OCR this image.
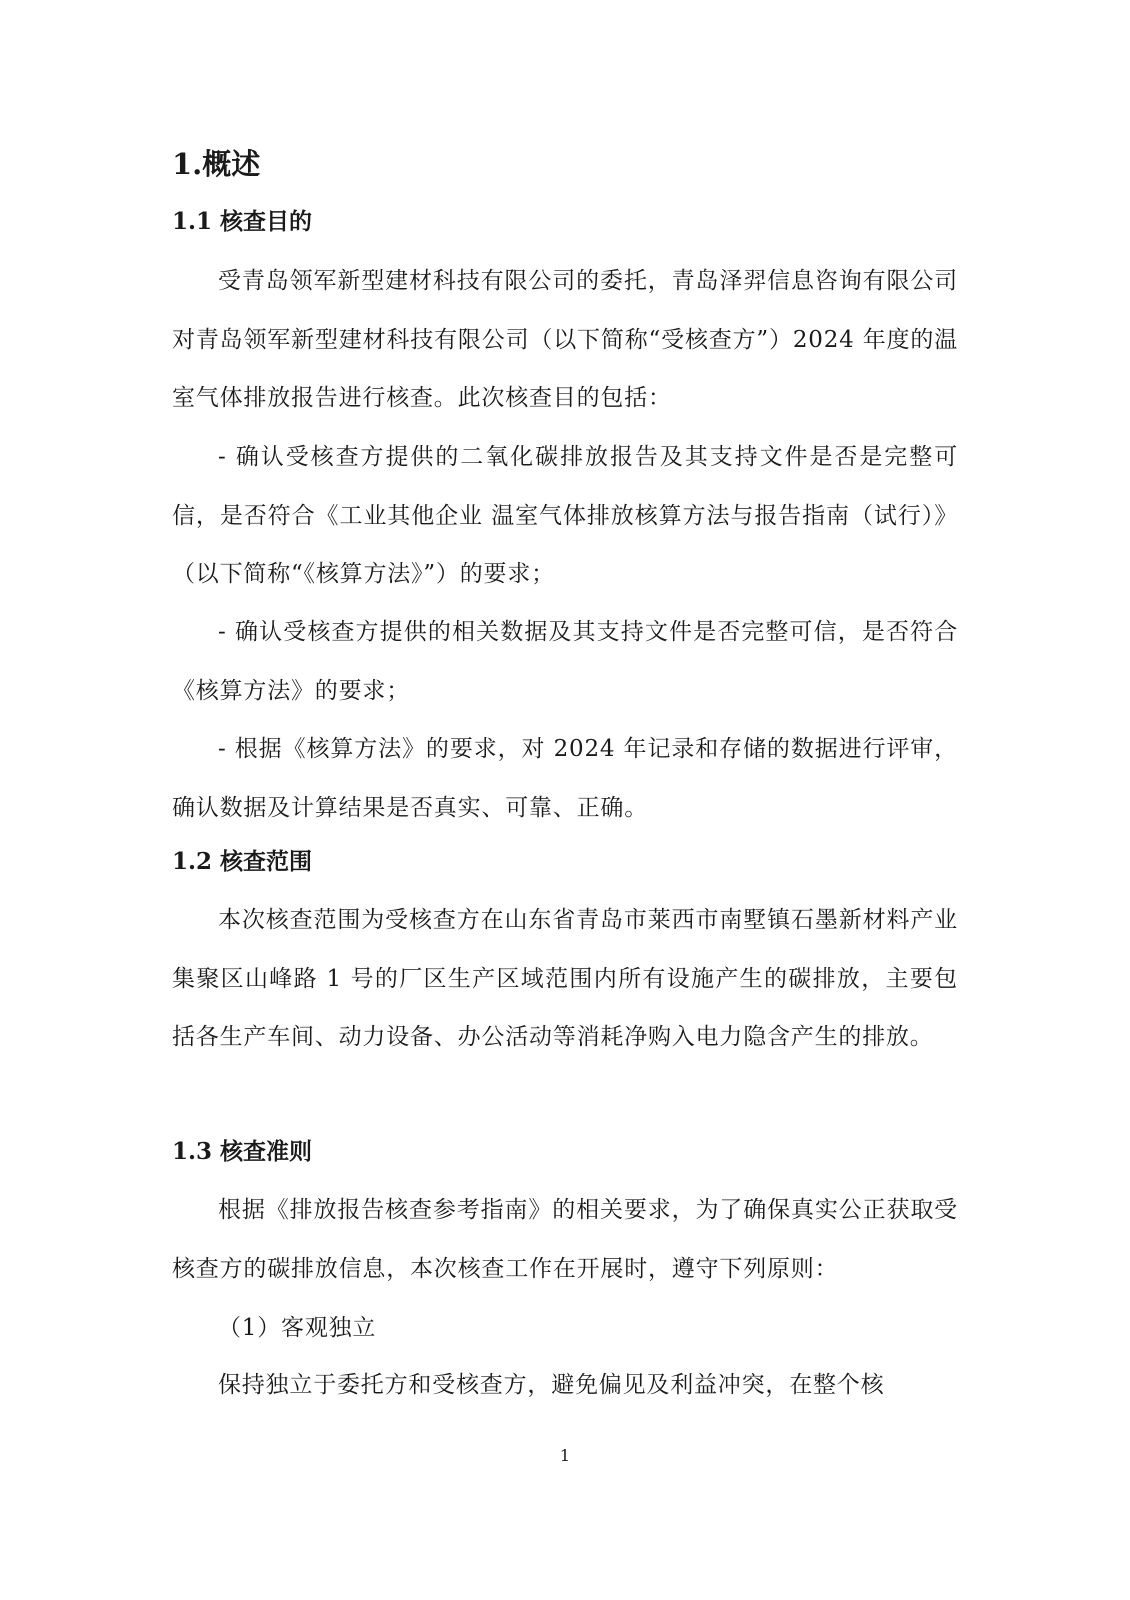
1.概述
1.1 核查目的

受青岛领军新型建材科技有限公司的委托，青岛泽羿信息咨询有限公司对青岛领军新型建材科技有限公司（以下简称“受核查方”）2024 年度的温室气体排放报告进行核查。此次核查目的包括：

- 确认受核查方提供的二氧化碳排放报告及其支持文件是否是完整可信，是否符合《工业其他企业 温室气体排放核算方法与报告指南（试行）》（以下简称“《核算方法》”）的要求；

- 确认受核查方提供的相关数据及其支持文件是否完整可信，是否符合《核算方法》的要求；

- 根据《核算方法》的要求，对 2024 年记录和存储的数据进行评审，确认数据及计算结果是否真实、可靠、正确。

1.2 核查范围

本次核查范围为受核查方在山东省青岛市莱西市南墅镇石墨新材料产业集聚区山峰路 1 号的厂区生产区域范围内所有设施产生的碳排放，主要包括各生产车间、动力设备、办公活动等消耗净购入电力隐含产生的排放。

1.3 核查准则

根据《排放报告核查参考指南》的相关要求，为了确保真实公正获取受核查方的碳排放信息，本次核查工作在开展时，遵守下列原则：

（1）客观独立

保持独立于委托方和受核查方，避免偏见及利益冲突，在整个核

1
